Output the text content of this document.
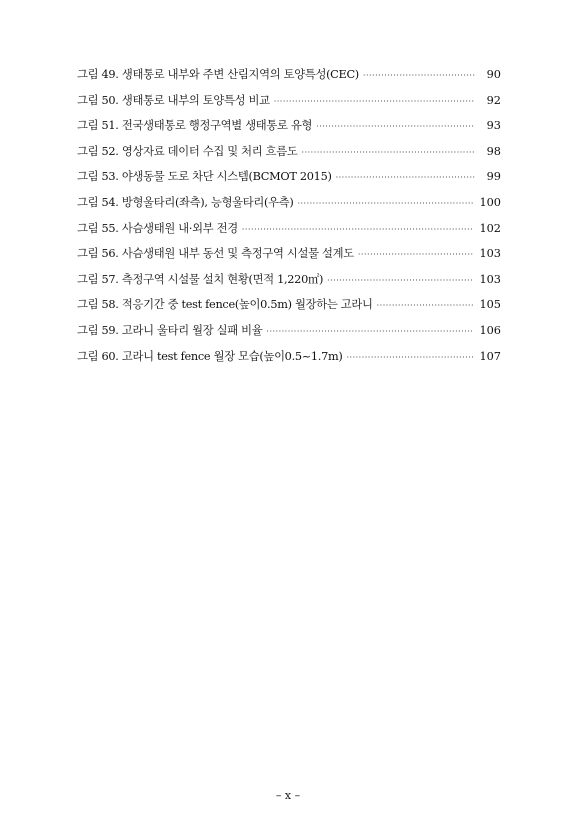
그림 49. 생태통로 내부와 주변 산림지역의 토양특성(CEC) ·····	90
그림 50. 생태통로 내부의 토양특성 비교 ·····	92
그림 51. 전국생태통로 행정구역별 생태통로 유형 ·····	93
그림 52. 영상자료 데이터 수집 및 처리 흐름도 ·····	98
그림 53. 야생동물 도로 차단 시스템(BCMOT 2015) ·····	99
그림 54. 방형울타리(좌측), 능형울타리(우측) ·····	100
그림 55. 사슴생태원 내·외부 전경 ·····	102
그림 56. 사슴생태원 내부 동선 및 측정구역 시설물 설계도 ·····	103
그림 57. 측정구역 시설물 설치 현황(면적 1,220㎡) ·····	103
그림 58. 적응기간 중 test fence(높이0.5m) 월장하는 고라니 ·····	105
그림 59. 고라니 울타리 월장 실패 비율 ·····	106
그림 60. 고라니 test fence 월장 모습(높이0.5~1.7m) ·····	107
– x –
